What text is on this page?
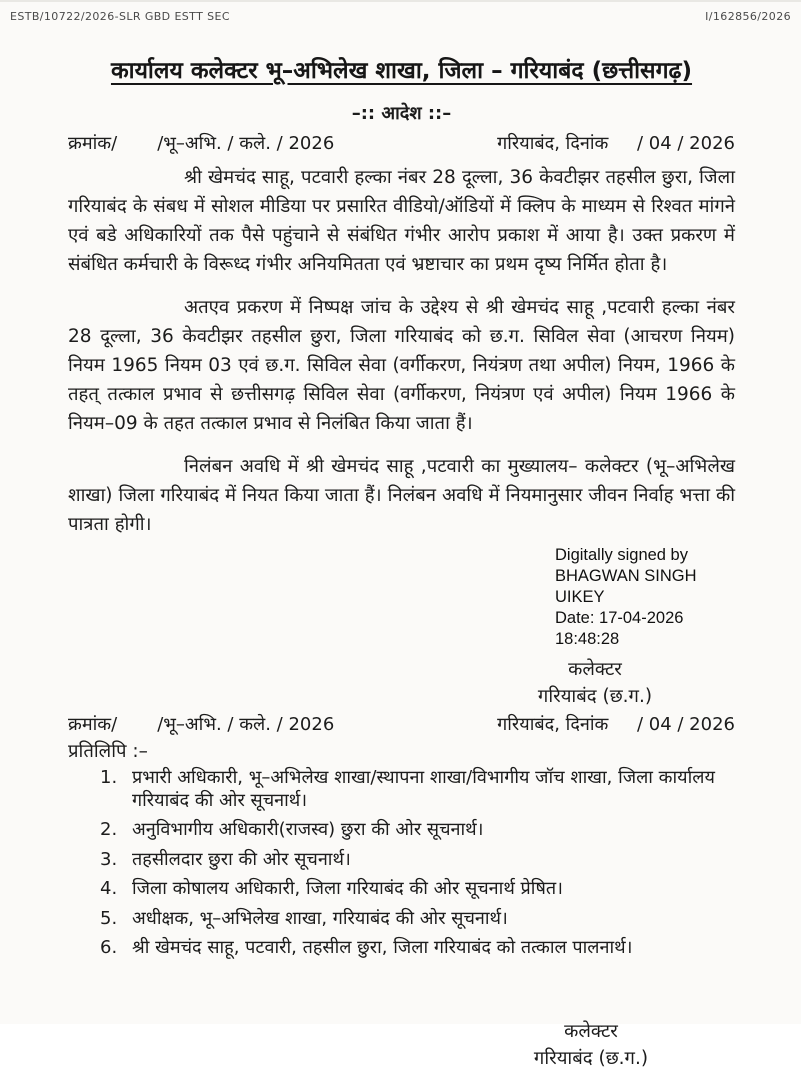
ESTB/10722/2026-SLR GBD ESTT SEC	I/162856/2026
कार्यालय कलेक्टर भू–अभिलेख शाखा, जिला – गरियाबंद (छत्तीसगढ़)
–:: आदेश ::–
क्रमांक/       /भू–अभि. / कले. / 2026	गरियाबंद, दिनांक     / 04 / 2026

श्री खेमचंद साहू, पटवारी हल्का नंबर 28 दूल्ला, 36 केवटीझर तहसील छुरा, जिला गरियाबंद के संबध में सोशल मीडिया पर प्रसारित वीडियो/ऑडियों में क्लिप के माध्यम से रिश्वत मांगने एवं बडे अधिकारियों तक पैसे पहुंचाने से संबंधित गंभीर आरोप प्रकाश में आया है। उक्त प्रकरण में संबंधित कर्मचारी के विरूध्द गंभीर अनियमितता एवं भ्रष्टाचार का प्रथम दृष्य निर्मित होता है।

अतएव प्रकरण में निष्पक्ष जांच के उद्देश्य से श्री खेमचंद साहू ,पटवारी हल्का नंबर 28 दूल्ला, 36 केवटीझर तहसील छुरा, जिला गरियाबंद को छ.ग. सिविल सेवा (आचरण नियम) नियम 1965 नियम 03 एवं छ.ग. सिविल सेवा (वर्गीकरण, नियंत्रण तथा अपील) नियम, 1966 के तहत् तत्काल प्रभाव से छत्तीसगढ़ सिविल सेवा (वर्गीकरण, नियंत्रण एवं अपील) नियम 1966 के नियम–09 के तहत तत्काल प्रभाव से निलंबित किया जाता हैं।

निलंबन अवधि में श्री खेमचंद साहू ,पटवारी का मुख्यालय– कलेक्टर (भू–अभिलेख शाखा) जिला गरियाबंद में नियत किया जाता हैं। निलंबन अवधि में नियमानुसार जीवन निर्वाह भत्ता की पात्रता होगी।

Digitally signed by
BHAGWAN SINGH UIKEY
Date: 17-04-2026
18:48:28
कलेक्टर
गरियाबंद (छ.ग.)
क्रमांक/       /भू–अभि. / कले. / 2026	गरियाबंद, दिनांक     / 04 / 2026
प्रतिलिपि :–
1. प्रभारी अधिकारी, भू–अभिलेख शाखा/स्थापना शाखा/विभागीय जॉच शाखा, जिला कार्यालय गरियाबंद की ओर सूचनार्थ।
2. अनुविभागीय अधिकारी(राजस्व) छुरा की ओर सूचनार्थ।
3. तहसीलदार छुरा की ओर सूचनार्थ।
4. जिला कोषालय अधिकारी, जिला गरियाबंद की ओर सूचनार्थ प्रेषित।
5. अधीक्षक, भू–अभिलेख शाखा, गरियाबंद की ओर सूचनार्थ।
6. श्री खेमचंद साहू, पटवारी, तहसील छुरा, जिला गरियाबंद को तत्काल पालनार्थ।
कलेक्टर
गरियाबंद (छ.ग.)
